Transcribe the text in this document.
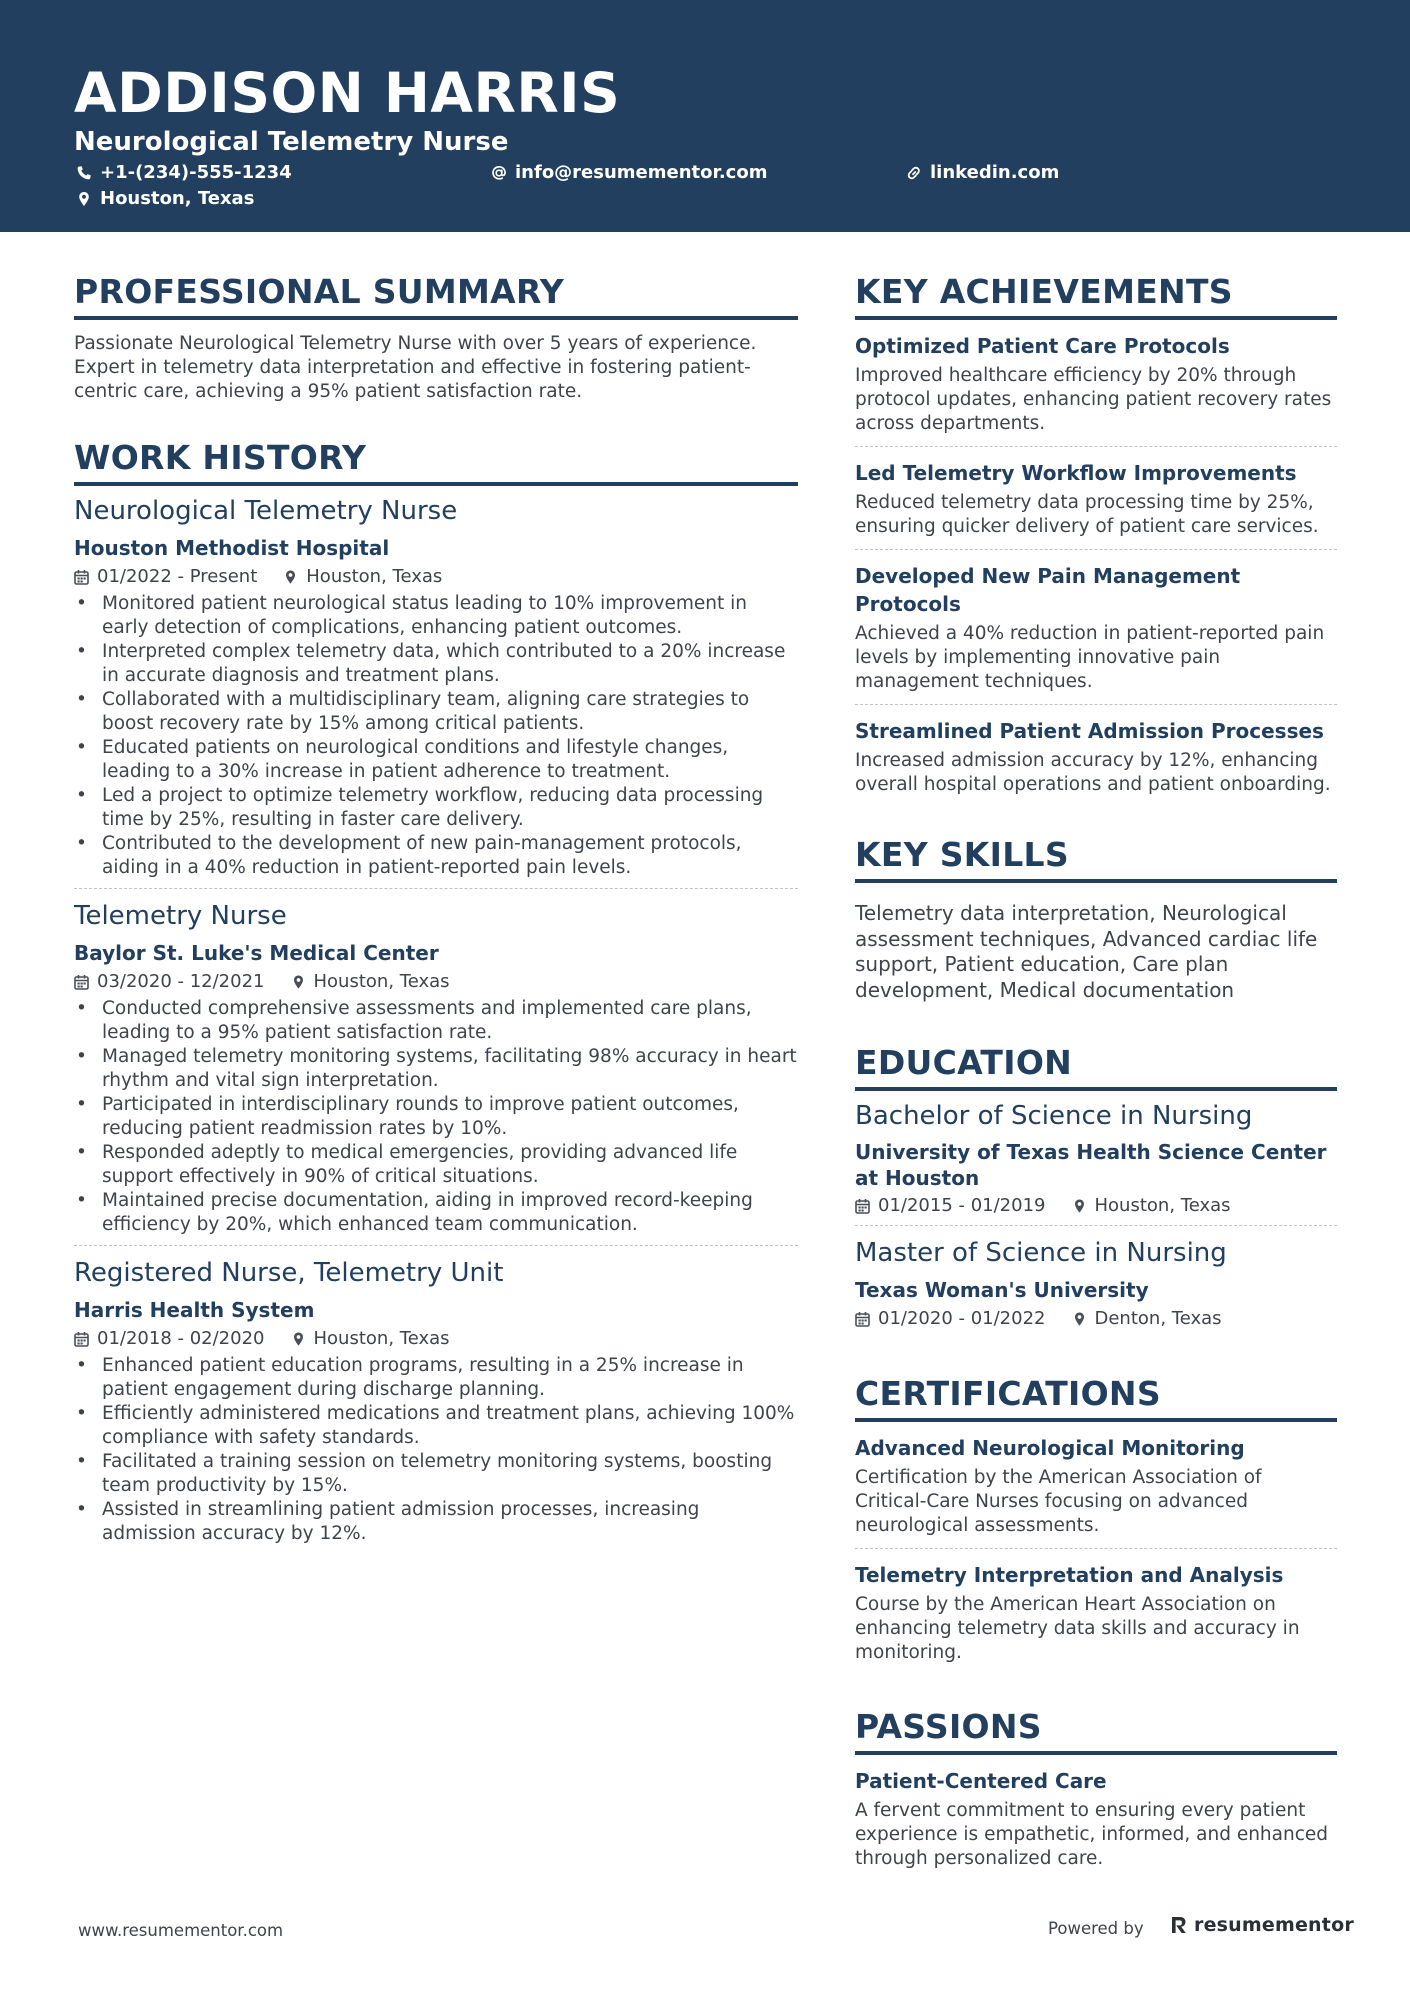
ADDISON HARRIS
Neurological Telemetry Nurse
+1-(234)-555-1234	info@resumementor.com	linkedin.com
Houston, Texas
PROFESSIONAL SUMMARY

Passionate Neurological Telemetry Nurse with over 5 years of experience. Expert in telemetry data interpretation and effective in fostering patient-centric care, achieving a 95% patient satisfaction rate.

WORK HISTORY
Neurological Telemetry Nurse
Houston Methodist Hospital
01/2022 - Present	Houston, Texas
• Monitored patient neurological status leading to 10% improvement in early detection of complications, enhancing patient outcomes.
• Interpreted complex telemetry data, which contributed to a 20% increase in accurate diagnosis and treatment plans.
• Collaborated with a multidisciplinary team, aligning care strategies to boost recovery rate by 15% among critical patients.
• Educated patients on neurological conditions and lifestyle changes, leading to a 30% increase in patient adherence to treatment.
• Led a project to optimize telemetry workflow, reducing data processing time by 25%, resulting in faster care delivery.
• Contributed to the development of new pain-management protocols, aiding in a 40% reduction in patient-reported pain levels.
Telemetry Nurse
Baylor St. Luke's Medical Center
03/2020 - 12/2021	Houston, Texas
• Conducted comprehensive assessments and implemented care plans, leading to a 95% patient satisfaction rate.
• Managed telemetry monitoring systems, facilitating 98% accuracy in heart rhythm and vital sign interpretation.
• Participated in interdisciplinary rounds to improve patient outcomes, reducing patient readmission rates by 10%.
• Responded adeptly to medical emergencies, providing advanced life support effectively in 90% of critical situations.
• Maintained precise documentation, aiding in improved record-keeping efficiency by 20%, which enhanced team communication.
Registered Nurse, Telemetry Unit
Harris Health System
01/2018 - 02/2020	Houston, Texas
• Enhanced patient education programs, resulting in a 25% increase in patient engagement during discharge planning.
• Efficiently administered medications and treatment plans, achieving 100% compliance with safety standards.
• Facilitated a training session on telemetry monitoring systems, boosting team productivity by 15%.
• Assisted in streamlining patient admission processes, increasing admission accuracy by 12%.
KEY ACHIEVEMENTS
Optimized Patient Care Protocols

Improved healthcare efficiency by 20% through protocol updates, enhancing patient recovery rates across departments.

Led Telemetry Workflow Improvements

Reduced telemetry data processing time by 25%, ensuring quicker delivery of patient care services.

Developed New Pain Management Protocols

Achieved a 40% reduction in patient-reported pain levels by implementing innovative pain management techniques.

Streamlined Patient Admission Processes

Increased admission accuracy by 12%, enhancing overall hospital operations and patient onboarding.

KEY SKILLS

Telemetry data interpretation, Neurological assessment techniques, Advanced cardiac life support, Patient education, Care plan development, Medical documentation

EDUCATION
Bachelor of Science in Nursing
University of Texas Health Science Center at Houston
01/2015 - 01/2019	Houston, Texas
Master of Science in Nursing
Texas Woman's University
01/2020 - 01/2022	Denton, Texas
CERTIFICATIONS
Advanced Neurological Monitoring

Certification by the American Association of Critical-Care Nurses focusing on advanced neurological assessments.

Telemetry Interpretation and Analysis

Course by the American Heart Association on enhancing telemetry data skills and accuracy in monitoring.

PASSIONS
Patient-Centered Care

A fervent commitment to ensuring every patient experience is empathetic, informed, and enhanced through personalized care.

www.resumementor.com	Powered by	resumementor
